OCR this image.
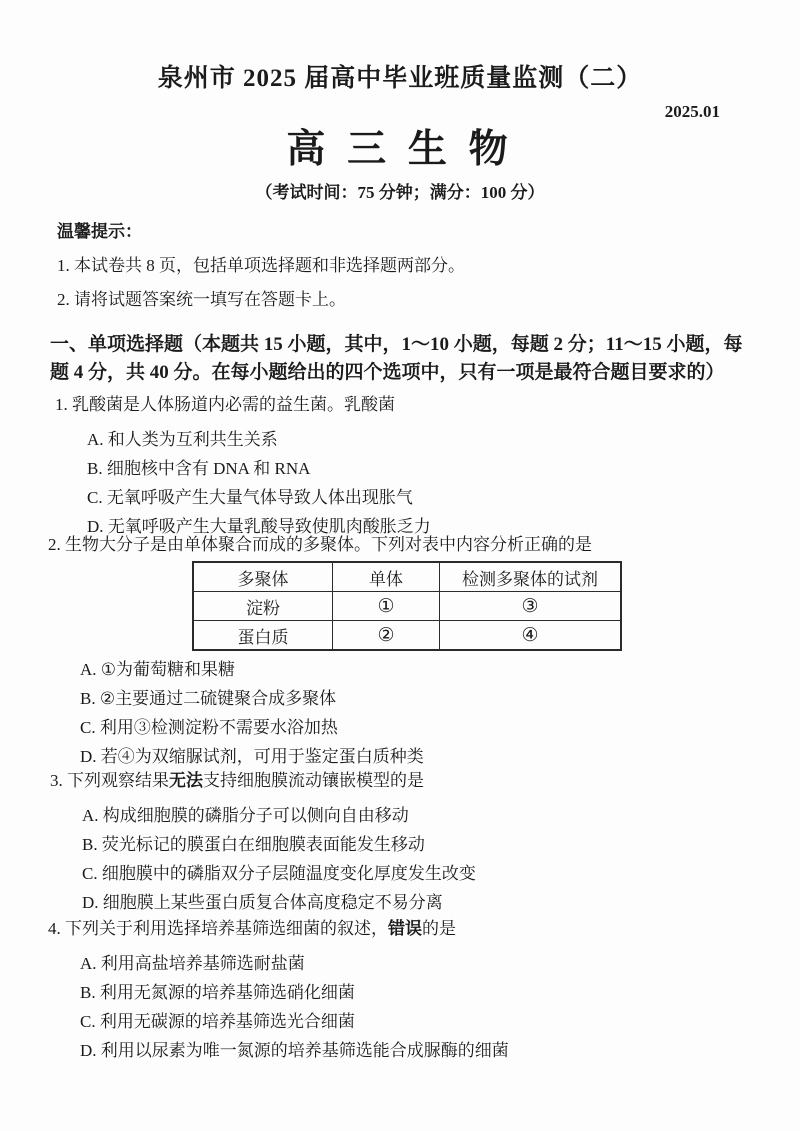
泉州市 2025 届高中毕业班质量监测（二）
2025.01
高 三 生 物
（考试时间：75 分钟；满分：100 分）
温馨提示：
1. 本试卷共 8 页，包括单项选择题和非选择题两部分。
2. 请将试题答案统一填写在答题卡上。

一、单项选择题（本题共 15 小题，其中，1～10 小题，每题 2 分；11～15 小题，每

题 4 分，共 40 分。在每小题给出的四个选项中，只有一项是最符合题目要求的）

1. 乳酸菌是人体肠道内必需的益生菌。乳酸菌

A. 和人类为互利共生关系
B. 细胞核中含有 DNA 和 RNA
C. 无氧呼吸产生大量气体导致人体出现胀气
D. 无氧呼吸产生大量乳酸导致使肌肉酸胀乏力

2. 生物大分子是由单体聚合而成的多聚体。下列对表中内容分析正确的是

多聚体	单体	检测多聚体的试剂
淀粉	①	③
蛋白质	②	④
A. ①为葡萄糖和果糖
B. ②主要通过二硫键聚合成多聚体
C. 利用③检测淀粉不需要水浴加热
D. 若④为双缩脲试剂，可用于鉴定蛋白质种类

3. 下列观察结果无法支持细胞膜流动镶嵌模型的是

A. 构成细胞膜的磷脂分子可以侧向自由移动
B. 荧光标记的膜蛋白在细胞膜表面能发生移动
C. 细胞膜中的磷脂双分子层随温度变化厚度发生改变
D. 细胞膜上某些蛋白质复合体高度稳定不易分离

4. 下列关于利用选择培养基筛选细菌的叙述，错误的是

A. 利用高盐培养基筛选耐盐菌
B. 利用无氮源的培养基筛选硝化细菌
C. 利用无碳源的培养基筛选光合细菌
D. 利用以尿素为唯一氮源的培养基筛选能合成脲酶的细菌
